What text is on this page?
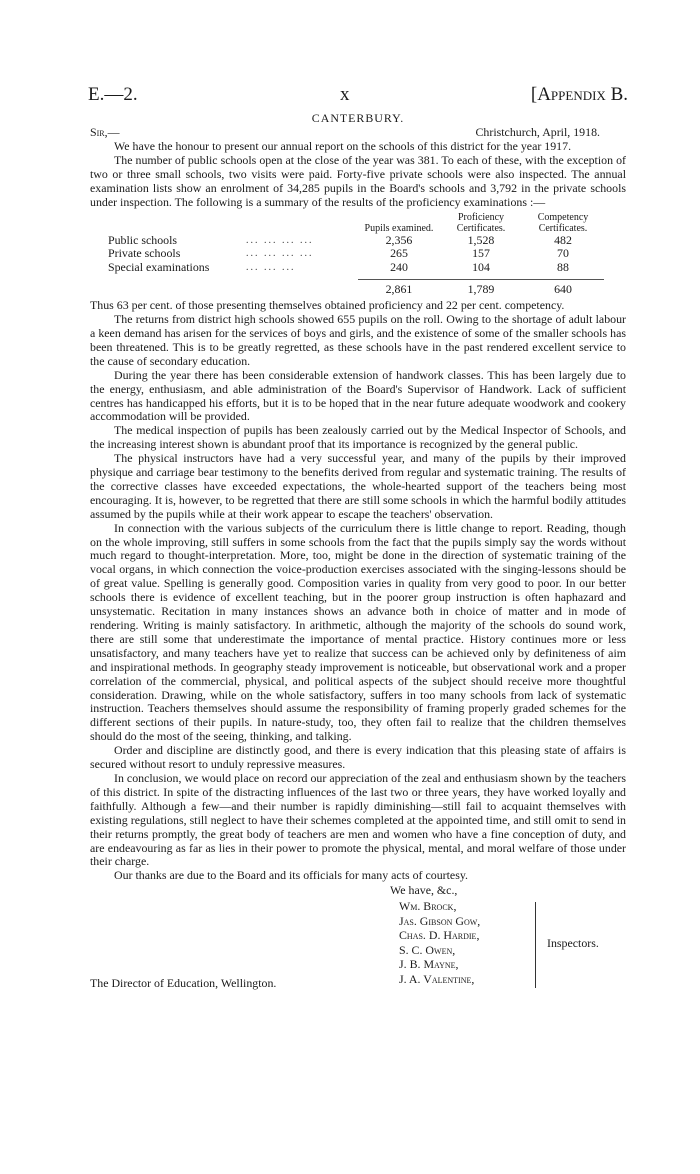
E.—2.	x	[Appendix B.
CANTERBURY.
Sir,—	Christchurch, April, 1918.

We have the honour to present our annual report on the schools of this district for the year 1917.

The number of public schools open at the close of the year was 381. To each of these, with the exception of two or three small schools, two visits were paid. Forty-five private schools were also inspected. The annual examination lists show an enrolment of 34,285 pupils in the Board's schools and 3,792 in the private schools under inspection. The following is a summary of the results of the proficiency examinations :—

		Pupils examined.	Proficiency Certificates.	Competency Certificates.
Public schools	... ... ... ...	2,356	1,528	482
Private schools	... ... ... ...	265	157	70
Special examinations	... ... ...	240	104	88

		2,861	1,789	640

Thus 63 per cent. of those presenting themselves obtained proficiency and 22 per cent. competency.

The returns from district high schools showed 655 pupils on the roll. Owing to the shortage of adult labour a keen demand has arisen for the services of boys and girls, and the existence of some of the smaller schools has been threatened. This is to be greatly regretted, as these schools have in the past rendered excellent service to the cause of secondary education.

During the year there has been considerable extension of handwork classes. This has been largely due to the energy, enthusiasm, and able administration of the Board's Supervisor of Handwork. Lack of sufficient centres has handicapped his efforts, but it is to be hoped that in the near future adequate woodwork and cookery accommodation will be provided.

The medical inspection of pupils has been zealously carried out by the Medical Inspector of Schools, and the increasing interest shown is abundant proof that its importance is recognized by the general public.

The physical instructors have had a very successful year, and many of the pupils by their improved physique and carriage bear testimony to the benefits derived from regular and systematic training. The results of the corrective classes have exceeded expectations, the whole-hearted support of the teachers being most encouraging. It is, however, to be regretted that there are still some schools in which the harmful bodily attitudes assumed by the pupils while at their work appear to escape the teachers' observation.

In connection with the various subjects of the curriculum there is little change to report. Reading, though on the whole improving, still suffers in some schools from the fact that the pupils simply say the words without much regard to thought-interpretation. More, too, might be done in the direction of systematic training of the vocal organs, in which connection the voice-production exercises associated with the singing-lessons should be of great value. Spelling is generally good. Composition varies in quality from very good to poor. In our better schools there is evidence of excellent teaching, but in the poorer group instruction is often haphazard and unsystematic. Recitation in many instances shows an advance both in choice of matter and in mode of rendering. Writing is mainly satisfactory. In arithmetic, although the majority of the schools do sound work, there are still some that underestimate the importance of mental practice. History continues more or less unsatisfactory, and many teachers have yet to realize that success can be achieved only by definiteness of aim and inspirational methods. In geography steady improvement is noticeable, but observational work and a proper correlation of the commercial, physical, and political aspects of the subject should receive more thoughtful consideration. Drawing, while on the whole satisfactory, suffers in too many schools from lack of systematic instruction. Teachers themselves should assume the responsibility of framing properly graded schemes for the different sections of their pupils. In nature-study, too, they often fail to realize that the children themselves should do the most of the seeing, thinking, and talking.

Order and discipline are distinctly good, and there is every indication that this pleasing state of affairs is secured without resort to unduly repressive measures.

In conclusion, we would place on record our appreciation of the zeal and enthusiasm shown by the teachers of this district. In spite of the distracting influences of the last two or three years, they have worked loyally and faithfully. Although a few—and their number is rapidly diminishing—still fail to acquaint themselves with existing regulations, still neglect to have their schemes completed at the appointed time, and still omit to send in their returns promptly, the great body of teachers are men and women who have a fine conception of duty, and are endeavouring as far as lies in their power to promote the physical, mental, and moral welfare of those under their charge.

Our thanks are due to the Board and its officials for many acts of courtesy.

We have, &c.,
Wm. Brock,
Jas. Gibson Gow,
Chas. D. Hardie,
S. C. Owen,
J. B. Mayne,
J. A. Valentine,
Inspectors.
The Director of Education, Wellington.
